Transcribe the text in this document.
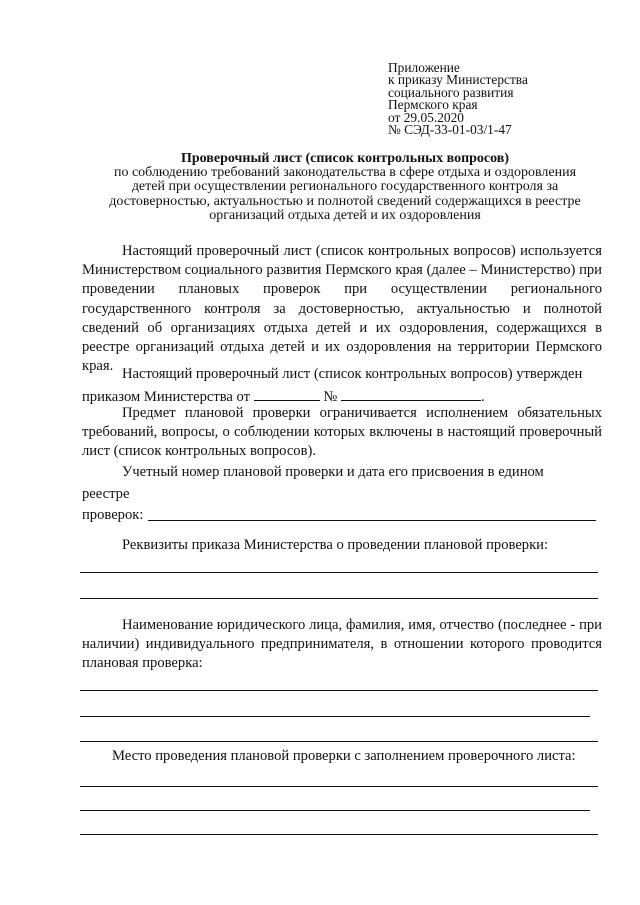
Приложение
к приказу Министерства
социального развития
Пермского края
от 29.05.2020
№ СЭД-33-01-03/1-47
Проверочный лист (список контрольных вопросов)
по соблюдению требований законодательства в сфере отдыха и оздоровления
детей при осуществлении регионального государственного контроля за
достоверностью, актуальностью и полнотой сведений содержащихся в реестре
организаций отдыха детей и их оздоровления
Настоящий проверочный лист (список контрольных вопросов) используется Министерством социального развития Пермского края (далее – Министерство) при проведении плановых проверок при осуществлении регионального государственного контроля за достоверностью, актуальностью и полнотой сведений об организациях отдыха детей и их оздоровления, содержащихся в реестре организаций отдыха детей и их оздоровления на территории Пермского края. Настоящий проверочный лист (список контрольных вопросов) утвержден
приказом Министерства от	№	.
Предмет плановой проверки ограничивается исполнением обязательных требований, вопросы, о соблюдении которых включены в настоящий проверочный лист (список контрольных вопросов).
Учетный номер плановой проверки и дата его присвоения в едином
реестре
проверок:
Реквизиты приказа Министерства о проведении плановой проверки:
Наименование юридического лица, фамилия, имя, отчество (последнее - при наличии) индивидуального предпринимателя, в отношении которого проводится плановая проверка:
Место проведения плановой проверки с заполнением проверочного листа:
